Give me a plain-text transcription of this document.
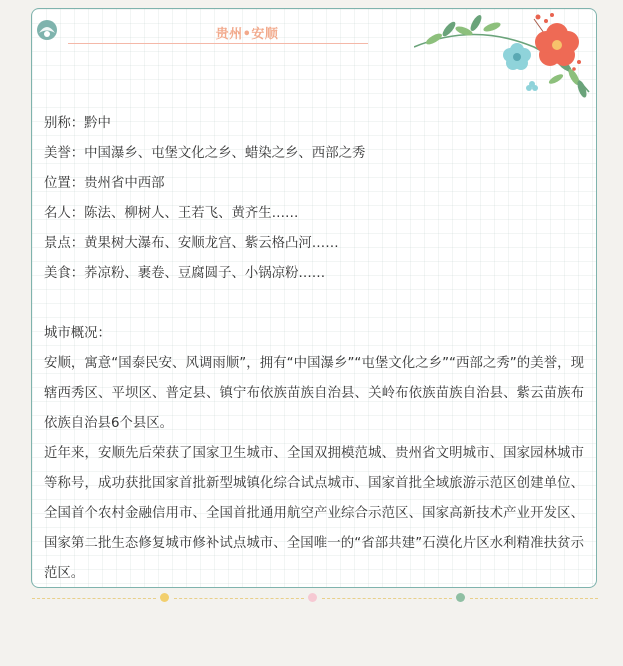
贵州•安顺

别称：黔中

美誉：中国瀑乡、屯堡文化之乡、蜡染之乡、西部之秀

位置：贵州省中西部

名人：陈法、柳树人、王若飞、黄齐生……

景点：黄果树大瀑布、安顺龙宫、紫云格凸河……

美食：荞凉粉、裹卷、豆腐圆子、小锅凉粉……

城市概况：

安顺，寓意“国泰民安、风调雨顺”，拥有“中国瀑乡”“屯堡文化之乡”“西部之秀”的美誉，现辖西秀区、平坝区、普定县、镇宁布依族苗族自治县、关岭布依族苗族自治县、紫云苗族布依族自治县6个县区。

近年来，安顺先后荣获了国家卫生城市、全国双拥模范城、贵州省文明城市、国家园林城市等称号，成功获批国家首批新型城镇化综合试点城市、国家首批全域旅游示范区创建单位、全国首个农村金融信用市、全国首批通用航空产业综合示范区、国家高新技术产业开发区、国家第二批生态修复城市修补试点城市、全国唯一的“省部共建”石漠化片区水利精准扶贫示范区。
